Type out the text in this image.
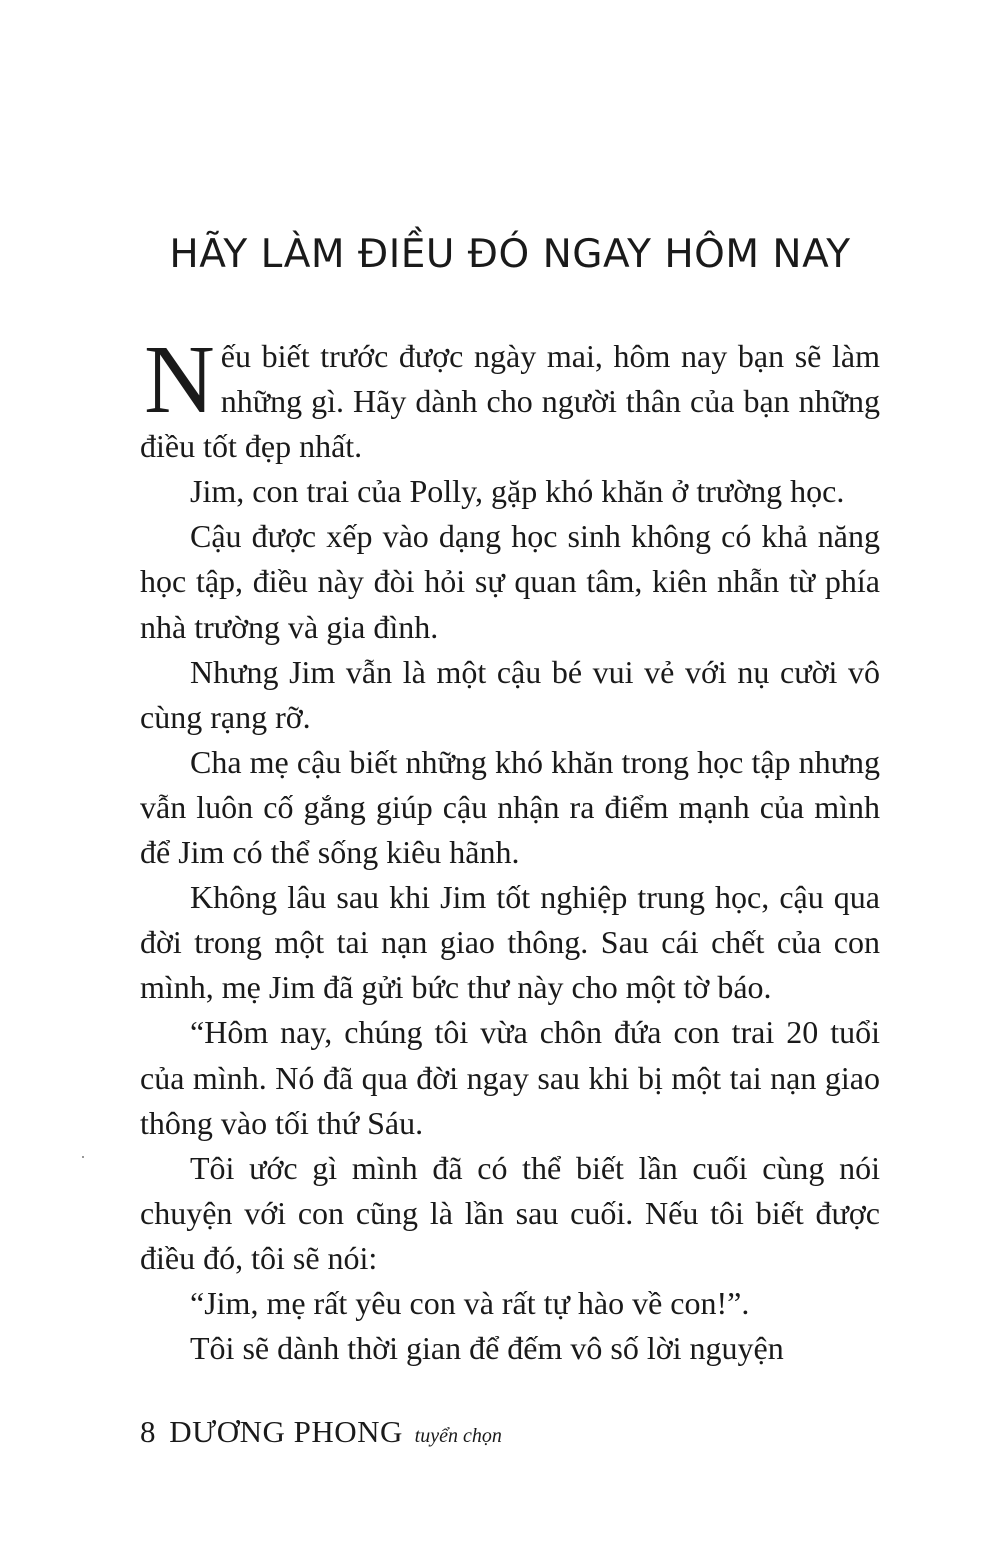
HÃY LÀM ĐIỀU ĐÓ NGAY HÔM NAY

Nếu biết trước được ngày mai, hôm nay bạn sẽ làm những gì. Hãy dành cho người thân của bạn những điều tốt đẹp nhất.

Jim, con trai của Polly, gặp khó khăn ở trường học.

Cậu được xếp vào dạng học sinh không có khả năng học tập, điều này đòi hỏi sự quan tâm, kiên nhẫn từ phía nhà trường và gia đình.

Nhưng Jim vẫn là một cậu bé vui vẻ với nụ cười vô cùng rạng rỡ.

Cha mẹ cậu biết những khó khăn trong học tập nhưng vẫn luôn cố gắng giúp cậu nhận ra điểm mạnh của mình để Jim có thể sống kiêu hãnh.

Không lâu sau khi Jim tốt nghiệp trung học, cậu qua đời trong một tai nạn giao thông. Sau cái chết của con mình, mẹ Jim đã gửi bức thư này cho một tờ báo.

“Hôm nay, chúng tôi vừa chôn đứa con trai 20 tuổi của mình. Nó đã qua đời ngay sau khi bị một tai nạn giao thông vào tối thứ Sáu.

Tôi ước gì mình đã có thể biết lần cuối cùng nói chuyện với con cũng là lần sau cuối. Nếu tôi biết được điều đó, tôi sẽ nói:

“Jim, mẹ rất yêu con và rất tự hào về con!”.

Tôi sẽ dành thời gian để đếm vô số lời nguyện

8 DƯƠNG PHONG tuyển chọn
